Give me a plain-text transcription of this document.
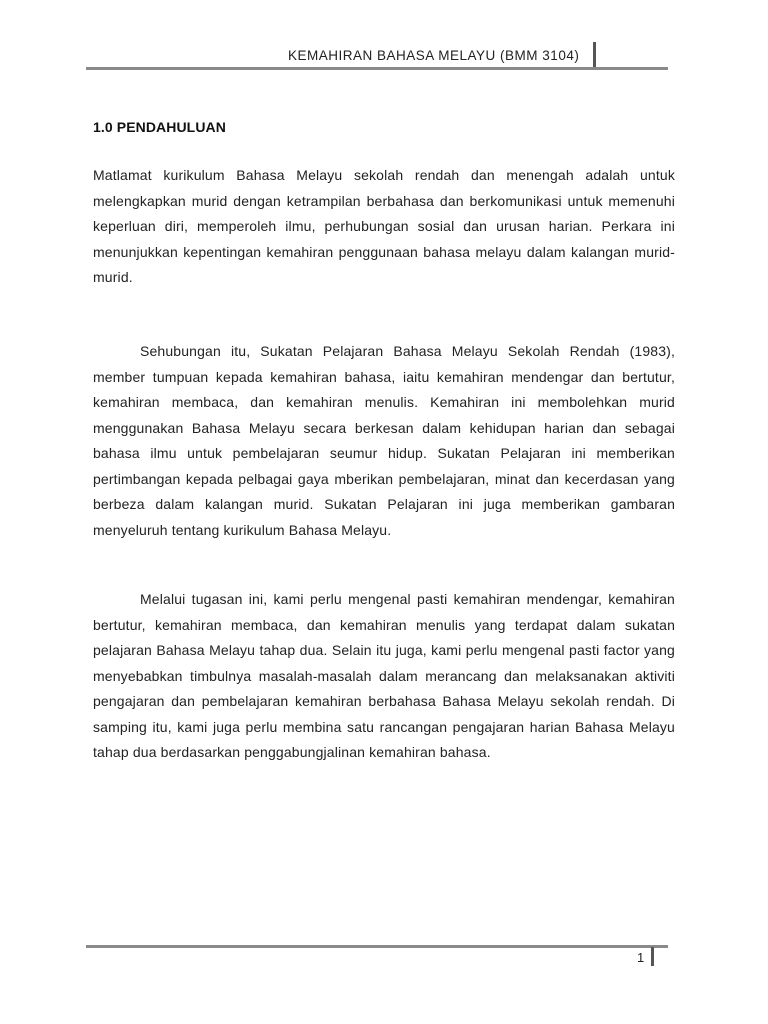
KEMAHIRAN BAHASA MELAYU (BMM 3104)
1.0 PENDAHULUAN

Matlamat kurikulum Bahasa Melayu sekolah rendah dan menengah adalah untuk melengkapkan murid dengan ketrampilan berbahasa dan berkomunikasi untuk memenuhi keperluan diri, memperoleh ilmu, perhubungan sosial dan urusan harian. Perkara ini menunjukkan kepentingan kemahiran penggunaan bahasa melayu dalam kalangan murid-murid.

Sehubungan itu, Sukatan Pelajaran Bahasa Melayu Sekolah Rendah (1983), member tumpuan kepada kemahiran bahasa, iaitu kemahiran mendengar dan bertutur, kemahiran membaca, dan kemahiran menulis. Kemahiran ini membolehkan murid menggunakan Bahasa Melayu secara berkesan dalam kehidupan harian dan sebagai bahasa ilmu untuk pembelajaran seumur hidup. Sukatan Pelajaran ini memberikan pertimbangan kepada pelbagai gaya mberikan pembelajaran, minat dan kecerdasan yang berbeza dalam kalangan murid. Sukatan Pelajaran ini juga memberikan gambaran menyeluruh tentang kurikulum Bahasa Melayu.

Melalui tugasan ini, kami perlu mengenal pasti kemahiran mendengar, kemahiran bertutur, kemahiran membaca, dan kemahiran menulis yang terdapat dalam sukatan pelajaran Bahasa Melayu tahap dua. Selain itu juga, kami perlu mengenal pasti factor yang menyebabkan timbulnya masalah-masalah dalam merancang dan melaksanakan aktiviti pengajaran dan pembelajaran kemahiran berbahasa Bahasa Melayu sekolah rendah. Di samping itu, kami juga perlu membina satu rancangan pengajaran harian Bahasa Melayu tahap dua berdasarkan penggabungjalinan kemahiran bahasa.

1
